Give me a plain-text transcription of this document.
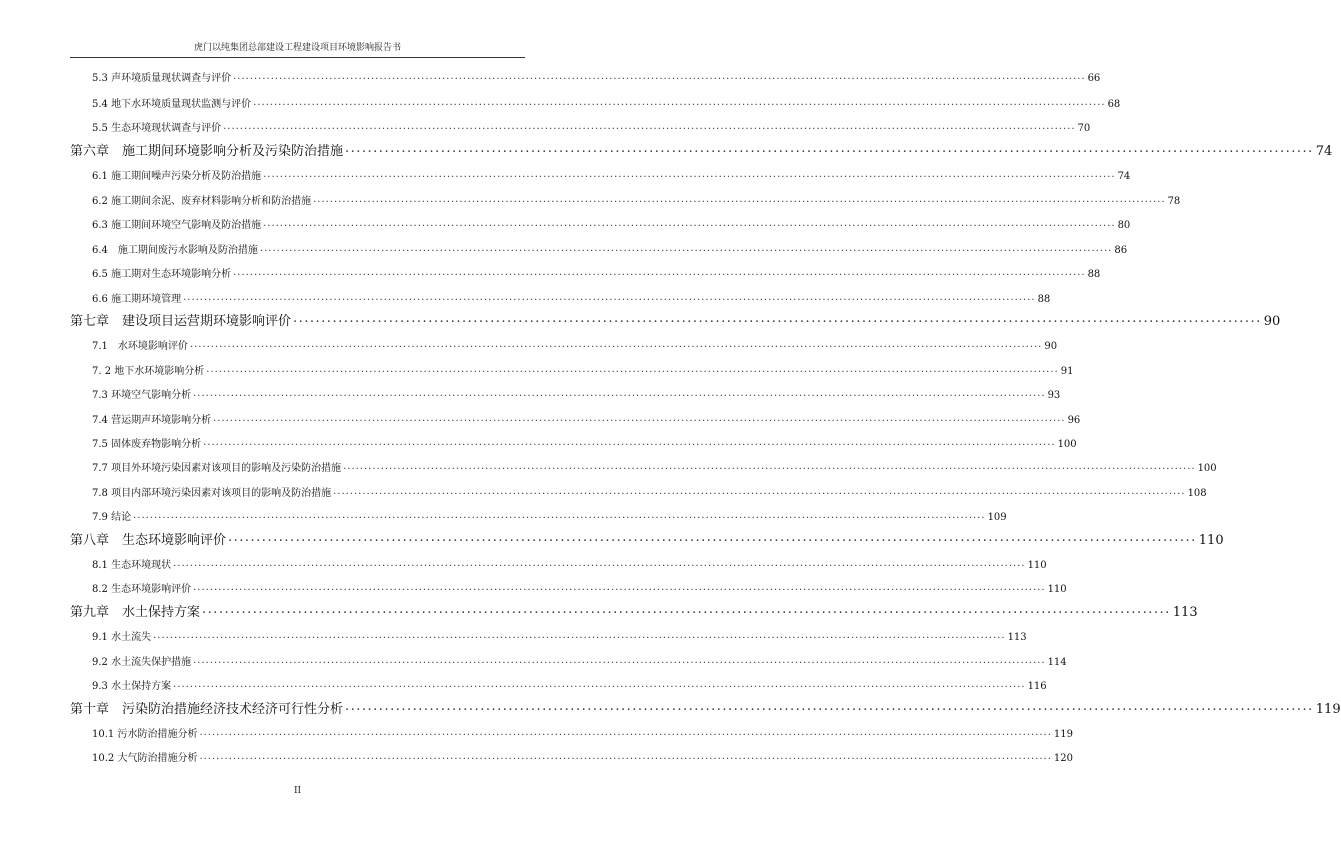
虎门以纯集团总部建设工程建设项目环境影响报告书
5.3 声环境质量现状调查与评价 ............................................................................................................................................................................................................ 66
5.4 地下水环境质量现状监测与评价 ............................................................................................................................................................................................................ 68
5.5 生态环境现状调查与评价 ............................................................................................................................................................................................................ 70
第六章　施工期间环境影响分析及污染防治措施 ............................................................................................................................................................................ 74
6.1 施工期间噪声污染分析及防治措施 ............................................................................................................................................................................................................ 74
6.2 施工期间余泥、废弃材料影响分析和防治措施 ............................................................................................................................................................................................................ 78
6.3 施工期间环境空气影响及防治措施 ............................................................................................................................................................................................................ 80
6.4　施工期间废污水影响及防治措施 ............................................................................................................................................................................................................ 86
6.5 施工期对生态环境影响分析 ............................................................................................................................................................................................................ 88
6.6 施工期环境管理 ............................................................................................................................................................................................................ 88
第七章　建设项目运营期环境影响评价 ............................................................................................................................................................................ 90
7.1　水环境影响评价 ............................................................................................................................................................................................................ 90
7. 2 地下水环境影响分析 ............................................................................................................................................................................................................ 91
7.3 环境空气影响分析 ............................................................................................................................................................................................................ 93
7.4 营运期声环境影响分析 ............................................................................................................................................................................................................ 96
7.5 固体废弃物影响分析 ............................................................................................................................................................................................................ 100
7.7 项目外环境污染因素对该项目的影响及污染防治措施 ............................................................................................................................................................................................................ 100
7.8 项目内部环境污染因素对该项目的影响及防治措施 ............................................................................................................................................................................................................ 108
7.9 结论 ............................................................................................................................................................................................................ 109
第八章　生态环境影响评价 ............................................................................................................................................................................ 110
8.1 生态环境现状 ............................................................................................................................................................................................................ 110
8.2 生态环境影响评价 ............................................................................................................................................................................................................ 110
第九章　水土保持方案 ............................................................................................................................................................................ 113
9.1 水土流失 ............................................................................................................................................................................................................ 113
9.2 水土流失保护措施 ............................................................................................................................................................................................................ 114
9.3 水土保持方案 ............................................................................................................................................................................................................ 116
第十章　污染防治措施经济技术经济可行性分析 ............................................................................................................................................................................ 119
10.1 污水防治措施分析 ............................................................................................................................................................................................................ 119
10.2 大气防治措施分析 ............................................................................................................................................................................................................ 120
II
